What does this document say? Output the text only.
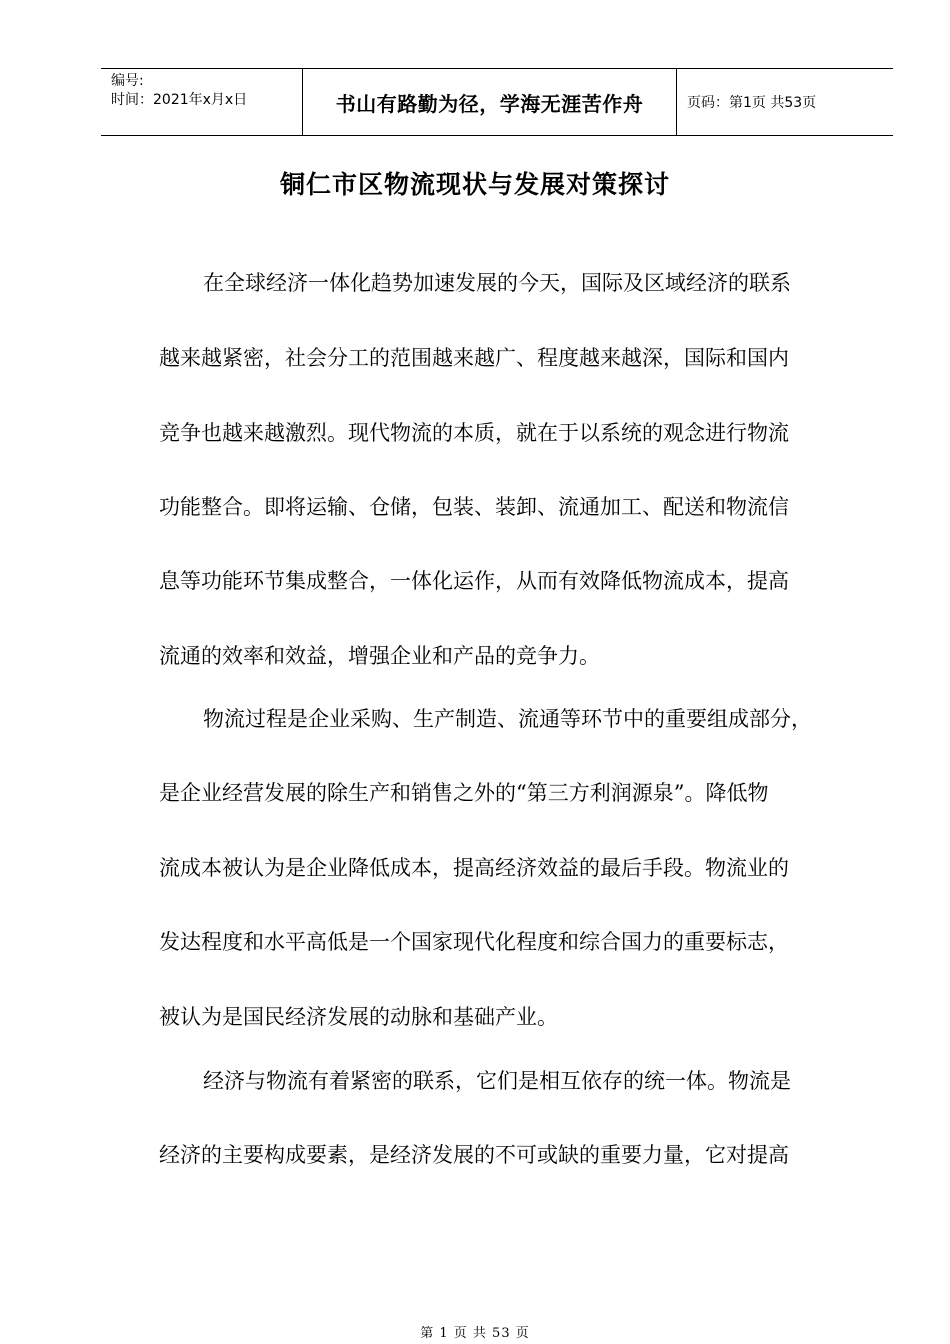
编号:
时间：2021年x月x日	书山有路勤为径，学海无涯苦作舟	页码：第1页 共53页
铜仁市区物流现状与发展对策探讨
在全球经济一体化趋势加速发展的今天，国际及区域经济的联系
越来越紧密，社会分工的范围越来越广、程度越来越深，国际和国内
竞争也越来越激烈。现代物流的本质，就在于以系统的观念进行物流
功能整合。即将运输、仓储，包装、装卸、流通加工、配送和物流信
息等功能环节集成整合，一体化运作，从而有效降低物流成本，提高
流通的效率和效益，增强企业和产品的竞争力。
物流过程是企业采购、生产制造、流通等环节中的重要组成部分，
是企业经营发展的除生产和销售之外的“第三方利润源泉”。降低物
流成本被认为是企业降低成本，提高经济效益的最后手段。物流业的
发达程度和水平高低是一个国家现代化程度和综合国力的重要标志，
被认为是国民经济发展的动脉和基础产业。
经济与物流有着紧密的联系，它们是相互依存的统一体。物流是
经济的主要构成要素，是经济发展的不可或缺的重要力量，它对提高
第 1 页 共 53 页
